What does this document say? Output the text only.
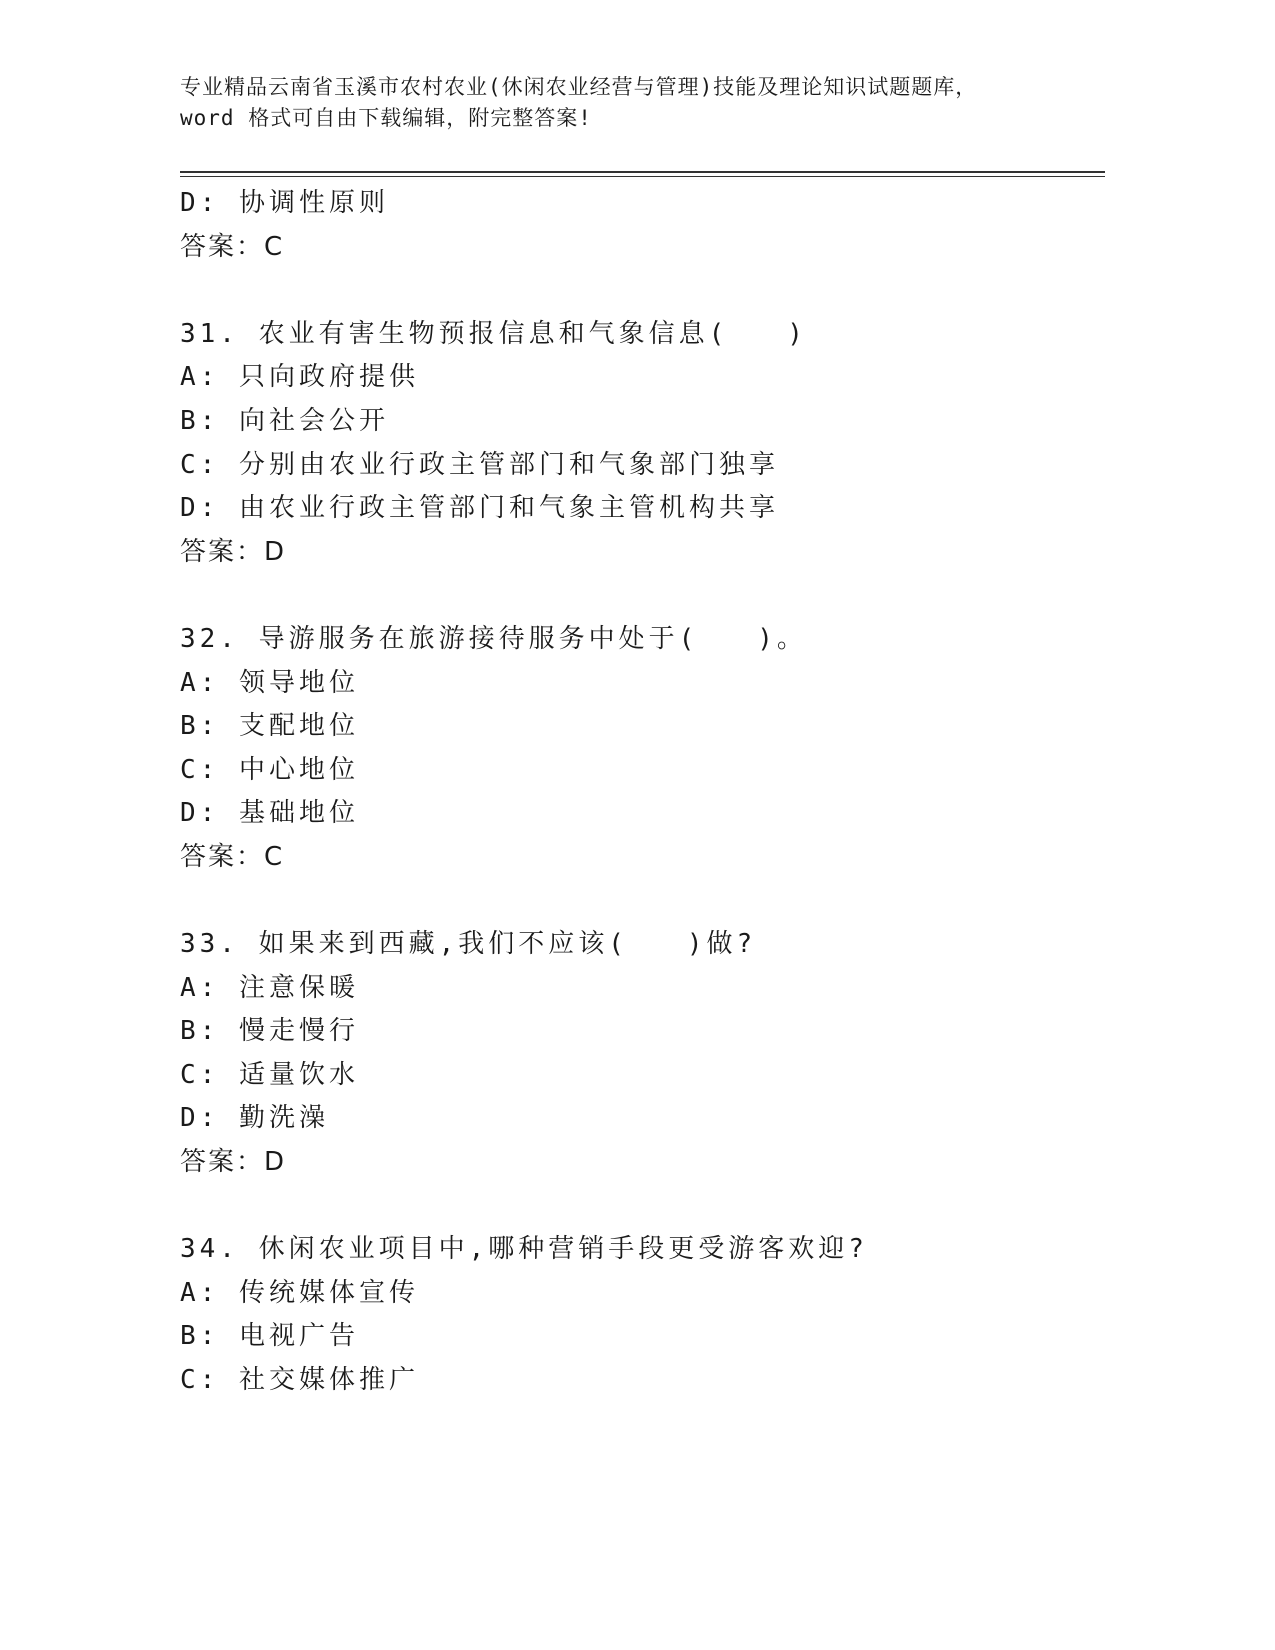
专业精品云南省玉溪市农村农业(休闲农业经营与管理)技能及理论知识试题题库，
word 格式可自由下载编辑，附完整答案!
D: 协调性原则
答案：C
31. 农业有害生物预报信息和气象信息(   )
A: 只向政府提供
B: 向社会公开
C: 分别由农业行政主管部门和气象部门独享
D: 由农业行政主管部门和气象主管机构共享
答案：D
32. 导游服务在旅游接待服务中处于(   )。
A: 领导地位
B: 支配地位
C: 中心地位
D: 基础地位
答案：C
33. 如果来到西藏,我们不应该(   )做?
A: 注意保暖
B: 慢走慢行
C: 适量饮水
D: 勤洗澡
答案：D
34. 休闲农业项目中,哪种营销手段更受游客欢迎?
A: 传统媒体宣传
B: 电视广告
C: 社交媒体推广
